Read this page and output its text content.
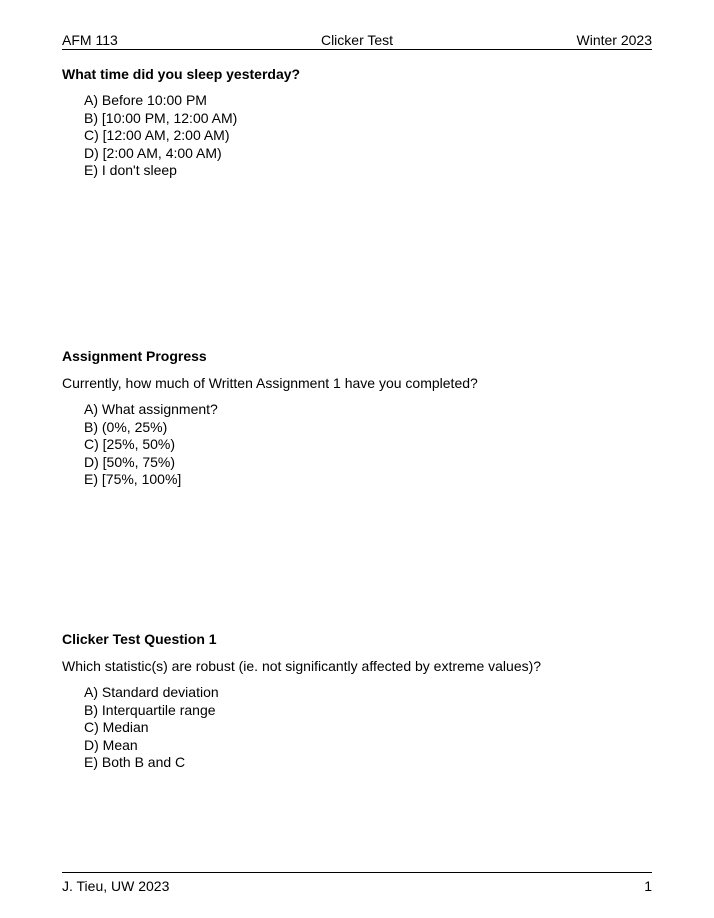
AFM 113	Clicker Test	Winter 2023

What time did you sleep yesterday?

A) Before 10:00 PM
B) [10:00 PM, 12:00 AM)
C) [12:00 AM, 2:00 AM)
D) [2:00 AM, 4:00 AM)
E) I don't sleep

Assignment Progress

Currently, how much of Written Assignment 1 have you completed?

A) What assignment?
B) (0%, 25%)
C) [25%, 50%)
D) [50%, 75%)
E) [75%, 100%]

Clicker Test Question 1

Which statistic(s) are robust (ie. not significantly affected by extreme values)?

A) Standard deviation
B) Interquartile range
C) Median
D) Mean
E) Both B and C
J. Tieu, UW 2023	1
